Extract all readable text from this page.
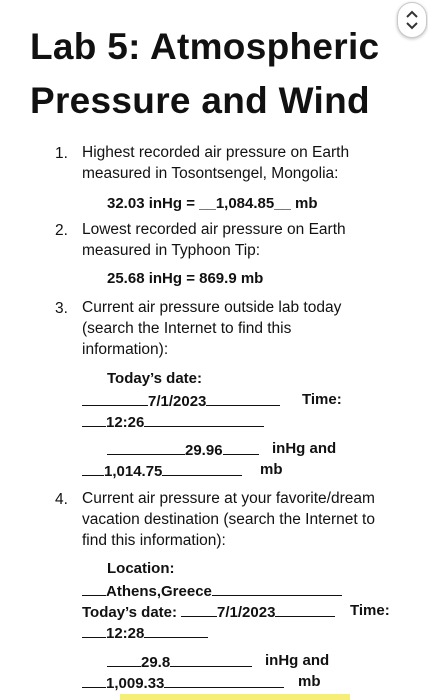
Lab 5: Atmospheric
Pressure and Wind
1. Highest recorded air pressure on Earth
measured in Tosontsengel, Mongolia:
32.03 inHg = __1,084.85__ mb
2. Lowest recorded air pressure on Earth
measured in Typhoon Tip:
25.68 inHg = 869.9 mb
3. Current air pressure outside lab today
(search the Internet to find this
information):
Today’s date:
7/1/2023	Time:
12:26
29.96	inHg and
1,014.75	mb
4. Current air pressure at your favorite/dream
vacation destination (search the Internet to
find this information):
Location:
Athens,Greece
Today’s date:	7/1/2023	Time:
12:28
29.8	inHg and
1,009.33	mb
